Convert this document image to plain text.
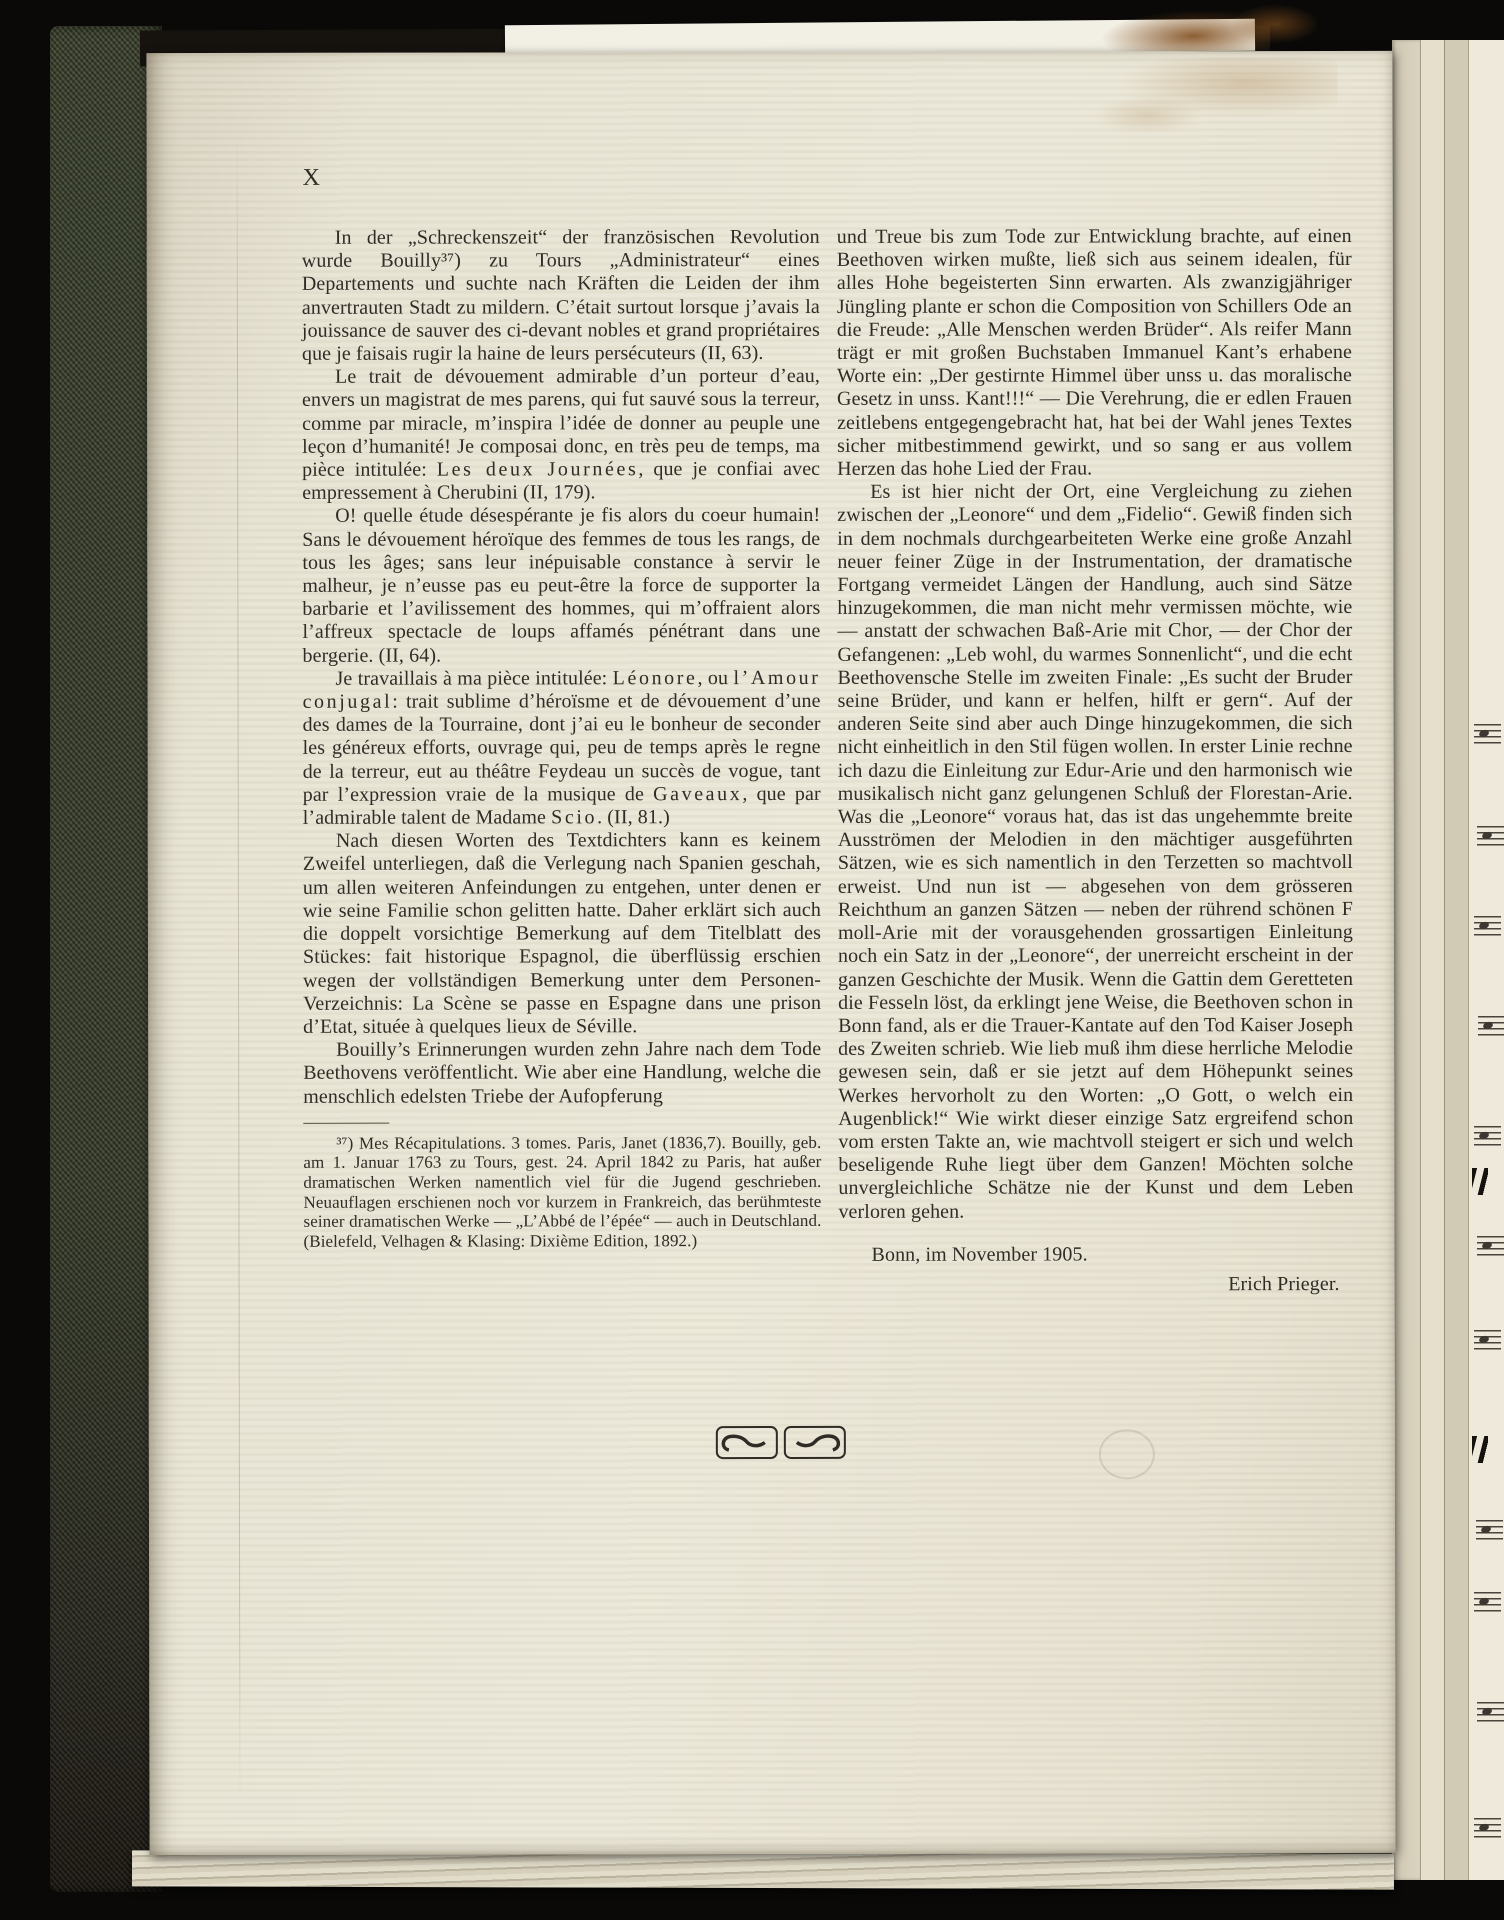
X

In der „Schreckenszeit“ der französischen Revolution wurde Bouilly³⁷) zu Tours „Administrateur“ eines Departements und suchte nach Kräften die Leiden der ihm anvertrauten Stadt zu mildern. C’était surtout lorsque j’avais la jouissance de sauver des ci-devant nobles et grand propriétaires que je faisais rugir la haine de leurs persécuteurs (II, 63).

Le trait de dévouement admirable d’un porteur d’eau, envers un magistrat de mes parens, qui fut sauvé sous la terreur, comme par miracle, m’inspira l’idée de donner au peuple une leçon d’humanité! Je composai donc, en très peu de temps, ma pièce intitulée: Les deux Journées, que je confiai avec empressement à Cherubini (II, 179).

O! quelle étude désespérante je fis alors du coeur humain! Sans le dévouement héroïque des femmes de tous les rangs, de tous les âges; sans leur inépuisable constance à servir le malheur, je n’eusse pas eu peut-être la force de supporter la barbarie et l’avilissement des hommes, qui m’offraient alors l’affreux spectacle de loups affamés pénétrant dans une bergerie. (II, 64).

Je travaillais à ma pièce intitulée: Léonore, ou l’Amour conjugal: trait sublime d’héroïsme et de dévouement d’une des dames de la Tourraine, dont j’ai eu le bonheur de seconder les généreux efforts, ouvrage qui, peu de temps après le regne de la terreur, eut au théâtre Feydeau un succès de vogue, tant par l’expression vraie de la musique de Gaveaux, que par l’admirable talent de Madame Scio. (II, 81.)

Nach diesen Worten des Textdichters kann es keinem Zweifel unterliegen, daß die Verlegung nach Spanien geschah, um allen weiteren Anfeindungen zu entgehen, unter denen er wie seine Familie schon gelitten hatte. Daher erklärt sich auch die doppelt vorsichtige Bemerkung auf dem Titelblatt des Stückes: fait historique Espagnol, die überflüssig erschien wegen der vollständigen Bemerkung unter dem Personen-Verzeichnis: La Scène se passe en Espagne dans une prison d’Etat, située à quelques lieux de Séville.

Bouilly’s Erinnerungen wurden zehn Jahre nach dem Tode Beethovens veröffentlicht. Wie aber eine Handlung, welche die menschlich edelsten Triebe der Aufopferung

³⁷) Mes Récapitulations. 3 tomes. Paris, Janet (1836,7). Bouilly, geb. am 1. Januar 1763 zu Tours, gest. 24. April 1842 zu Paris, hat außer dramatischen Werken namentlich viel für die Jugend geschrieben. Neuauflagen erschienen noch vor kurzem in Frankreich, das berühmteste seiner dramatischen Werke — „L’Abbé de l’épée“ — auch in Deutschland. (Bielefeld, Velhagen & Klasing: Dixième Edition, 1892.)

und Treue bis zum Tode zur Entwicklung brachte, auf einen Beethoven wirken mußte, ließ sich aus seinem idealen, für alles Hohe begeisterten Sinn erwarten. Als zwanzigjähriger Jüngling plante er schon die Composition von Schillers Ode an die Freude: „Alle Menschen werden Brüder“. Als reifer Mann trägt er mit großen Buchstaben Immanuel Kant’s erhabene Worte ein: „Der gestirnte Himmel über unss u. das moralische Gesetz in unss. Kant!!!“ — Die Verehrung, die er edlen Frauen zeitlebens entgegengebracht hat, hat bei der Wahl jenes Textes sicher mitbestimmend gewirkt, und so sang er aus vollem Herzen das hohe Lied der Frau.

Es ist hier nicht der Ort, eine Vergleichung zu ziehen zwischen der „Leonore“ und dem „Fidelio“. Gewiß finden sich in dem nochmals durchgearbeiteten Werke eine große Anzahl neuer feiner Züge in der Instrumentation, der dramatische Fortgang vermeidet Längen der Handlung, auch sind Sätze hinzugekommen, die man nicht mehr vermissen möchte, wie — anstatt der schwachen Baß-Arie mit Chor, — der Chor der Gefangenen: „Leb wohl, du warmes Sonnenlicht“, und die echt Beethovensche Stelle im zweiten Finale: „Es sucht der Bruder seine Brüder, und kann er helfen, hilft er gern“. Auf der anderen Seite sind aber auch Dinge hinzugekommen, die sich nicht einheitlich in den Stil fügen wollen. In erster Linie rechne ich dazu die Einleitung zur Edur-Arie und den harmonisch wie musikalisch nicht ganz gelungenen Schluß der Florestan-Arie. Was die „Leonore“ voraus hat, das ist das ungehemmte breite Ausströmen der Melodien in den mächtiger ausgeführten Sätzen, wie es sich namentlich in den Terzetten so machtvoll erweist. Und nun ist — abgesehen von dem grösseren Reichthum an ganzen Sätzen — neben der rührend schönen F moll-Arie mit der vorausgehenden grossartigen Einleitung noch ein Satz in der „Leonore“, der unerreicht erscheint in der ganzen Geschichte der Musik. Wenn die Gattin dem Geretteten die Fesseln löst, da erklingt jene Weise, die Beethoven schon in Bonn fand, als er die Trauer-Kantate auf den Tod Kaiser Joseph des Zweiten schrieb. Wie lieb muß ihm diese herrliche Melodie gewesen sein, daß er sie jetzt auf dem Höhepunkt seines Werkes hervorholt zu den Worten: „O Gott, o welch ein Augenblick!“ Wie wirkt dieser einzige Satz ergreifend schon vom ersten Takte an, wie machtvoll steigert er sich und welch beseligende Ruhe liegt über dem Ganzen! Möchten solche unvergleichliche Schätze nie der Kunst und dem Leben verloren gehen.

Bonn, im November 1905.

Erich Prieger.
